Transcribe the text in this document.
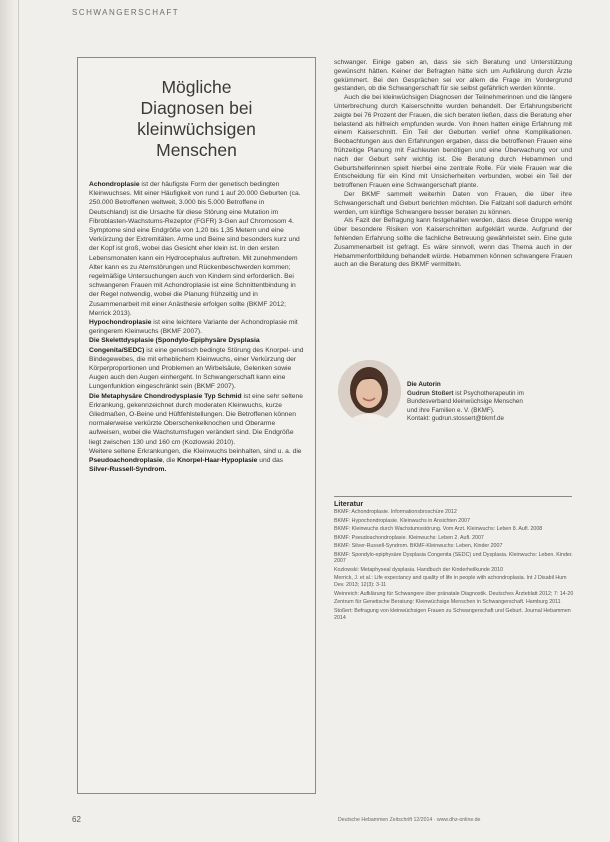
SCHWANGERSCHAFT
Mögliche
Diagnosen bei
kleinwüchsigen
Menschen

Achondroplasie ist der häufigste Form der genetisch bedingten Kleinwuchses. Mit einer Häufigkeit von rund 1 auf 20.000 Geburten (ca. 250.000 Betroffenen weltweit, 3.000 bis 5.000 Betroffene in Deutschland) ist die Ursache für diese Störung eine Mutation im Fibroblasten-Wachstums-Rezeptor (FGFR) 3-Gen auf Chromosom 4. Symptome sind eine Endgröße von 1,20 bis 1,35 Metern und eine Verkürzung der Extremitäten. Arme und Beine sind besonders kurz und der Kopf ist groß, wobei das Gesicht eher klein ist. In den ersten Lebensmonaten kann ein Hydrocephalus auftreten. Mit zunehmendem Alter kann es zu Atemstörungen und Rückenbeschwerden kommen; regelmäßige Untersuchungen auch von Kindern sind erforderlich. Bei schwangeren Frauen mit Achondroplasie ist eine Schnittentbindung in der Regel notwendig, wobei die Planung frühzeitig und in Zusammenarbeit mit einer Anästhesie erfolgen sollte (BKMF 2012; Merrick 2013).

Hypochondroplasie ist eine leichtere Variante der Achondroplasie mit geringerem Kleinwuchs (BKMF 2007).

Die Skelettdysplasie (Spondylo-Epiphysäre Dysplasia Congenita/SEDC) ist eine genetisch bedingte Störung des Knorpel- und Bindegewebes, die mit erheblichem Kleinwuchs, einer Verkürzung der Körperproportionen und Problemen an Wirbelsäule, Gelenken sowie Augen auch den Augen einhergeht. In Schwangerschaft kann eine Lungenfunktion eingeschränkt sein (BKMF 2007).

Die Metaphysäre Chondrodysplasie Typ Schmid ist eine sehr seltene Erkrankung, gekennzeichnet durch moderaten Kleinwuchs, kurze Gliedmaßen, O-Beine und Hüftfehlstellungen. Die Betroffenen können normalerweise verkürzte Oberschenkelknochen und Oberarme aufweisen, wobei die Wachstumsfugen verändert sind. Die Endgröße liegt zwischen 130 und 160 cm (Kozlowski 2010).

Weitere seltene Erkrankungen, die Kleinwuchs beinhalten, sind u. a. die Pseudoachondroplasie, die Knorpel-Haar-Hypoplasie und das Silver-Russell-Syndrom.

schwanger. Einige gaben an, dass sie sich Beratung und Unterstützung gewünscht hätten. Keiner der Befragten hätte sich um Aufklärung durch Ärzte gekümmert. Bei den Gesprächen sei vor allem die Frage im Vordergrund gestanden, ob die Schwangerschaft für sie selbst gefährlich werden könnte.

Auch die bei kleinwüchsigen Diagnosen der Teilnehmerinnen und die längere Unterbrechung durch Kaiserschnitte wurden behandelt. Der Erfahrungsbericht zeigte bei 76 Prozent der Frauen, die sich beraten ließen, dass die Beratung eher belastend als hilfreich empfunden wurde. Von ihnen hatten einige Erfahrung mit einem Kaiserschnitt. Ein Teil der Geburten verlief ohne Komplikationen. Beobachtungen aus den Erfahrungen ergaben, dass die betroffenen Frauen eine frühzeitige Planung mit Fachleuten benötigen und eine Überwachung vor und nach der Geburt sehr wichtig ist. Die Beratung durch Hebammen und Geburtshelferinnen spielt hierbei eine zentrale Rolle. Für viele Frauen war die Entscheidung für ein Kind mit Unsicherheiten verbunden, wobei ein Teil der betroffenen Frauen eine Schwangerschaft plante.

Der BKMF sammelt weiterhin Daten von Frauen, die über ihre Schwangerschaft und Geburt berichten möchten. Die Fallzahl soll dadurch erhöht werden, um künftige Schwangere besser beraten zu können.

Als Fazit der Befragung kann festgehalten werden, dass diese Gruppe wenig über besondere Risiken von Kaiserschnitten aufgeklärt wurde. Aufgrund der fehlenden Erfahrung sollte die fachliche Betreuung gewährleistet sein. Eine gute Zusammenarbeit ist gefragt. Es wäre sinnvoll, wenn das Thema auch in der Hebammenfortbildung behandelt würde. Hebammen können schwangere Frauen auch an die Beratung des BKMF vermitteln.

Die Autorin
Gudrun Stoßert ist Psychotherapeutin im
Bundesverband kleinwüchsige Menschen
und ihre Familien e. V. (BKMF).
Kontakt: gudrun.stossert@bkmf.de
Literatur
BKMF: Achondroplasie. Informationsbroschüre 2012
BKMF: Hypochondroplasie. Kleinwuchs in Ansichten 2007
BKMF: Kleinwuchs durch Wachstumsstörung. Vom Arzt. Kleinwuchs: Leben 8. Aufl. 2008
BKMF: Pseudoachondroplasie. Kleinwuchs: Leben 2. Aufl. 2007
BKMF: Silver-Russell-Syndrom. BKMF-Kleinwuchs: Leben, Kinder 2007
BKMF: Spondylo-epiphysäre Dysplasia Congenita (SEDC) und Dysplasia. Kleinwuchs: Leben. Kinder. 2007
Kozlowski: Metaphyseal dysplasia. Handbuch der Kinderheilkunde 2010
Merrick, J. et al.: Life expectancy and quality of life in people with achondroplasia. Int J Disabil Hum Dev. 2013; 12(3): 3-11
Weinreich: Aufklärung für Schwangere über pränatale Diagnostik. Deutsches Ärzteblatt 2012; 7: 14-20
Zentrum für Genetische Beratung: Kleinwüchsige Menschen in Schwangerschaft. Hamburg 2011
Stoßert: Befragung von kleinwüchsigen Frauen zu Schwangerschaft und Geburt. Journal Hebammen 2014
62	Deutsche Hebammen Zeitschrift 12/2014 · www.dhz-online.de
